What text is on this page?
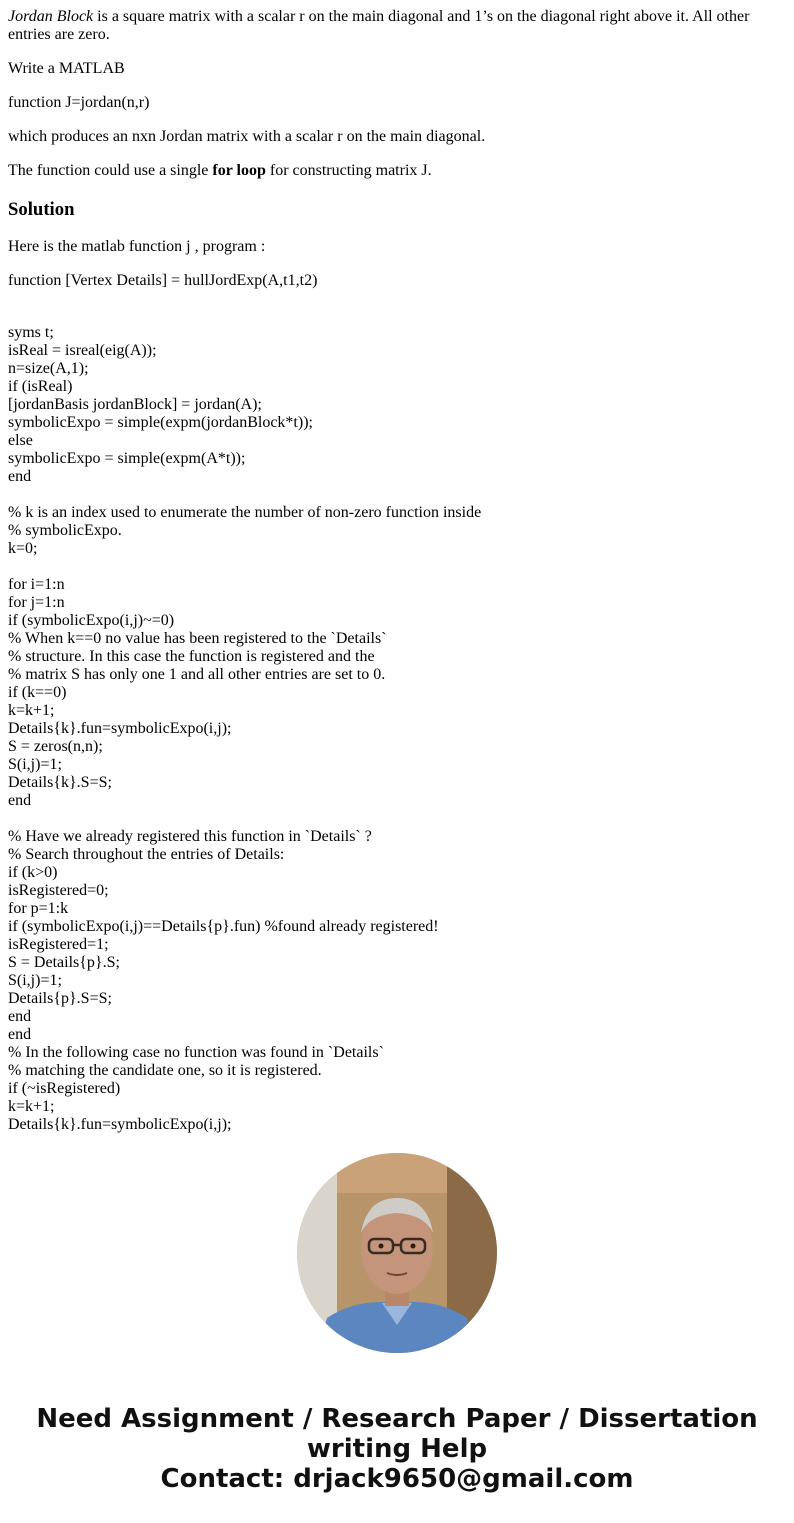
Jordan Block is a square matrix with a scalar r on the main diagonal and 1’s on the diagonal right above it. All other entries are zero.

Write a MATLAB

function J=jordan(n,r)

which produces an nxn Jordan matrix with a scalar r on the main diagonal.

The function could use a single for loop for constructing matrix J.

Solution

Here is the matlab function j , program :

function [Vertex Details] = hullJordExp(A,t1,t2)

syms t;
isReal = isreal(eig(A));
n=size(A,1);
if (isReal)
[jordanBasis jordanBlock] = jordan(A);
symbolicExpo = simple(expm(jordanBlock*t));
else
symbolicExpo = simple(expm(A*t));
end
% k is an index used to enumerate the number of non-zero function inside
% symbolicExpo.
k=0;
for i=1:n
for j=1:n
if (symbolicExpo(i,j)~=0)
% When k==0 no value has been registered to the `Details`
% structure. In this case the function is registered and the
% matrix S has only one 1 and all other entries are set to 0.
if (k==0)
k=k+1;
Details{k}.fun=symbolicExpo(i,j);
S = zeros(n,n);
S(i,j)=1;
Details{k}.S=S;
end
% Have we already registered this function in `Details` ?
% Search throughout the entries of Details:
if (k>0)
isRegistered=0;
for p=1:k
if (symbolicExpo(i,j)==Details{p}.fun) %found already registered!
isRegistered=1;
S = Details{p}.S;
S(i,j)=1;
Details{p}.S=S;
end
end
% In the following case no function was found in `Details`
% matching the candidate one, so it is registered.
if (~isRegistered)
k=k+1;
Details{k}.fun=symbolicExpo(i,j);
Need Assignment / Research Paper / Dissertation
writing Help
Contact: drjack9650@gmail.com
